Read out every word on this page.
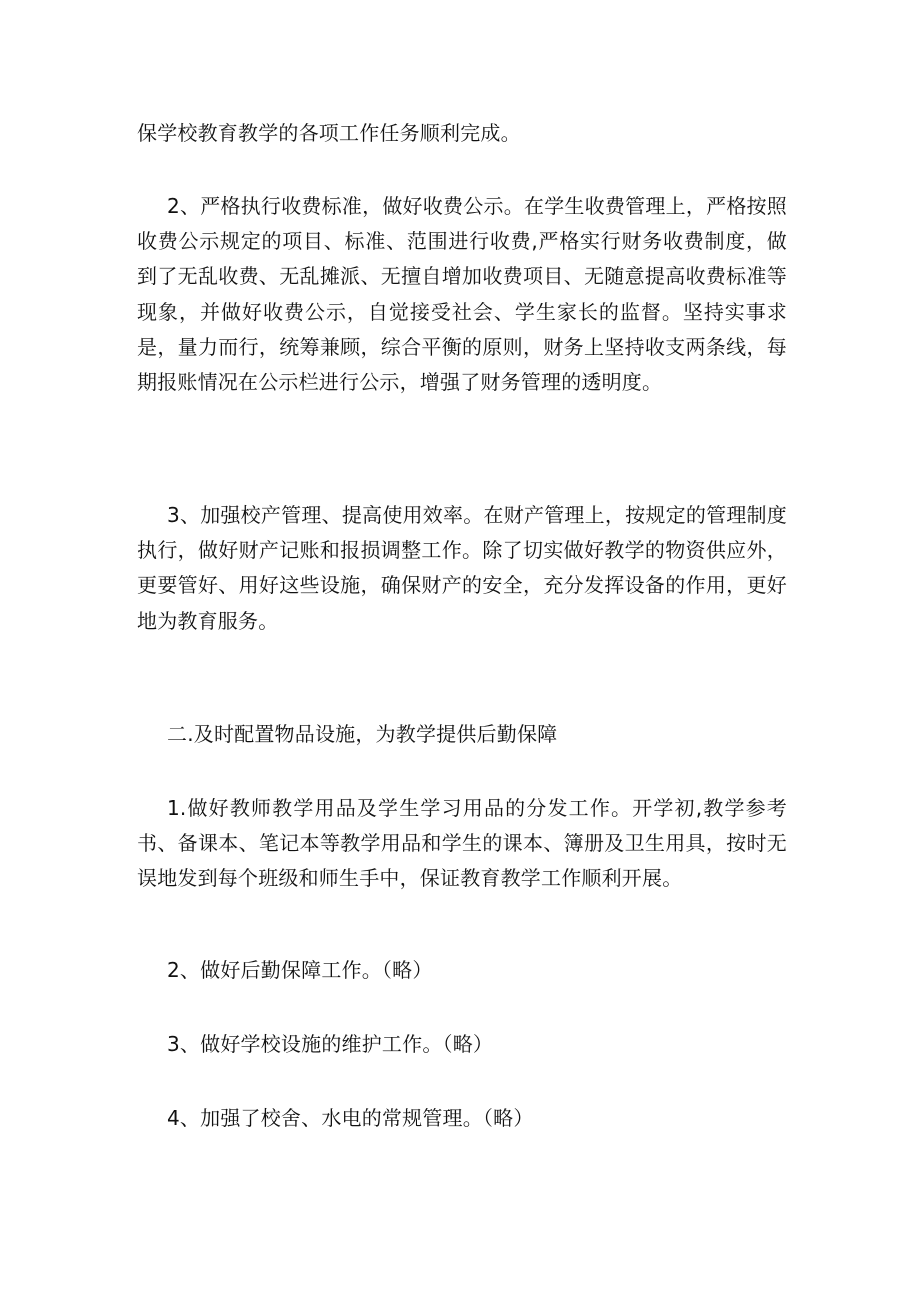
保学校教育教学的各项工作任务顺利完成。

2、严格执行收费标准，做好收费公示。在学生收费管理上，严格按照收费公示规定的项目、标准、范围进行收费,严格实行财务收费制度，做到了无乱收费、无乱摊派、无擅自增加收费项目、无随意提高收费标准等现象，并做好收费公示，自觉接受社会、学生家长的监督。坚持实事求是，量力而行，统筹兼顾，综合平衡的原则，财务上坚持收支两条线，每期报账情况在公示栏进行公示，增强了财务管理的透明度。

3、加强校产管理、提高使用效率。在财产管理上，按规定的管理制度执行，做好财产记账和报损调整工作。除了切实做好教学的物资供应外，更要管好、用好这些设施，确保财产的安全，充分发挥设备的作用，更好地为教育服务。

二.及时配置物品设施，为教学提供后勤保障

1.做好教师教学用品及学生学习用品的分发工作。开学初,教学参考书、备课本、笔记本等教学用品和学生的课本、簿册及卫生用具，按时无误地发到每个班级和师生手中，保证教育教学工作顺利开展。

2、做好后勤保障工作。（略）

3、做好学校设施的维护工作。（略）

4、加强了校舍、水电的常规管理。（略）
